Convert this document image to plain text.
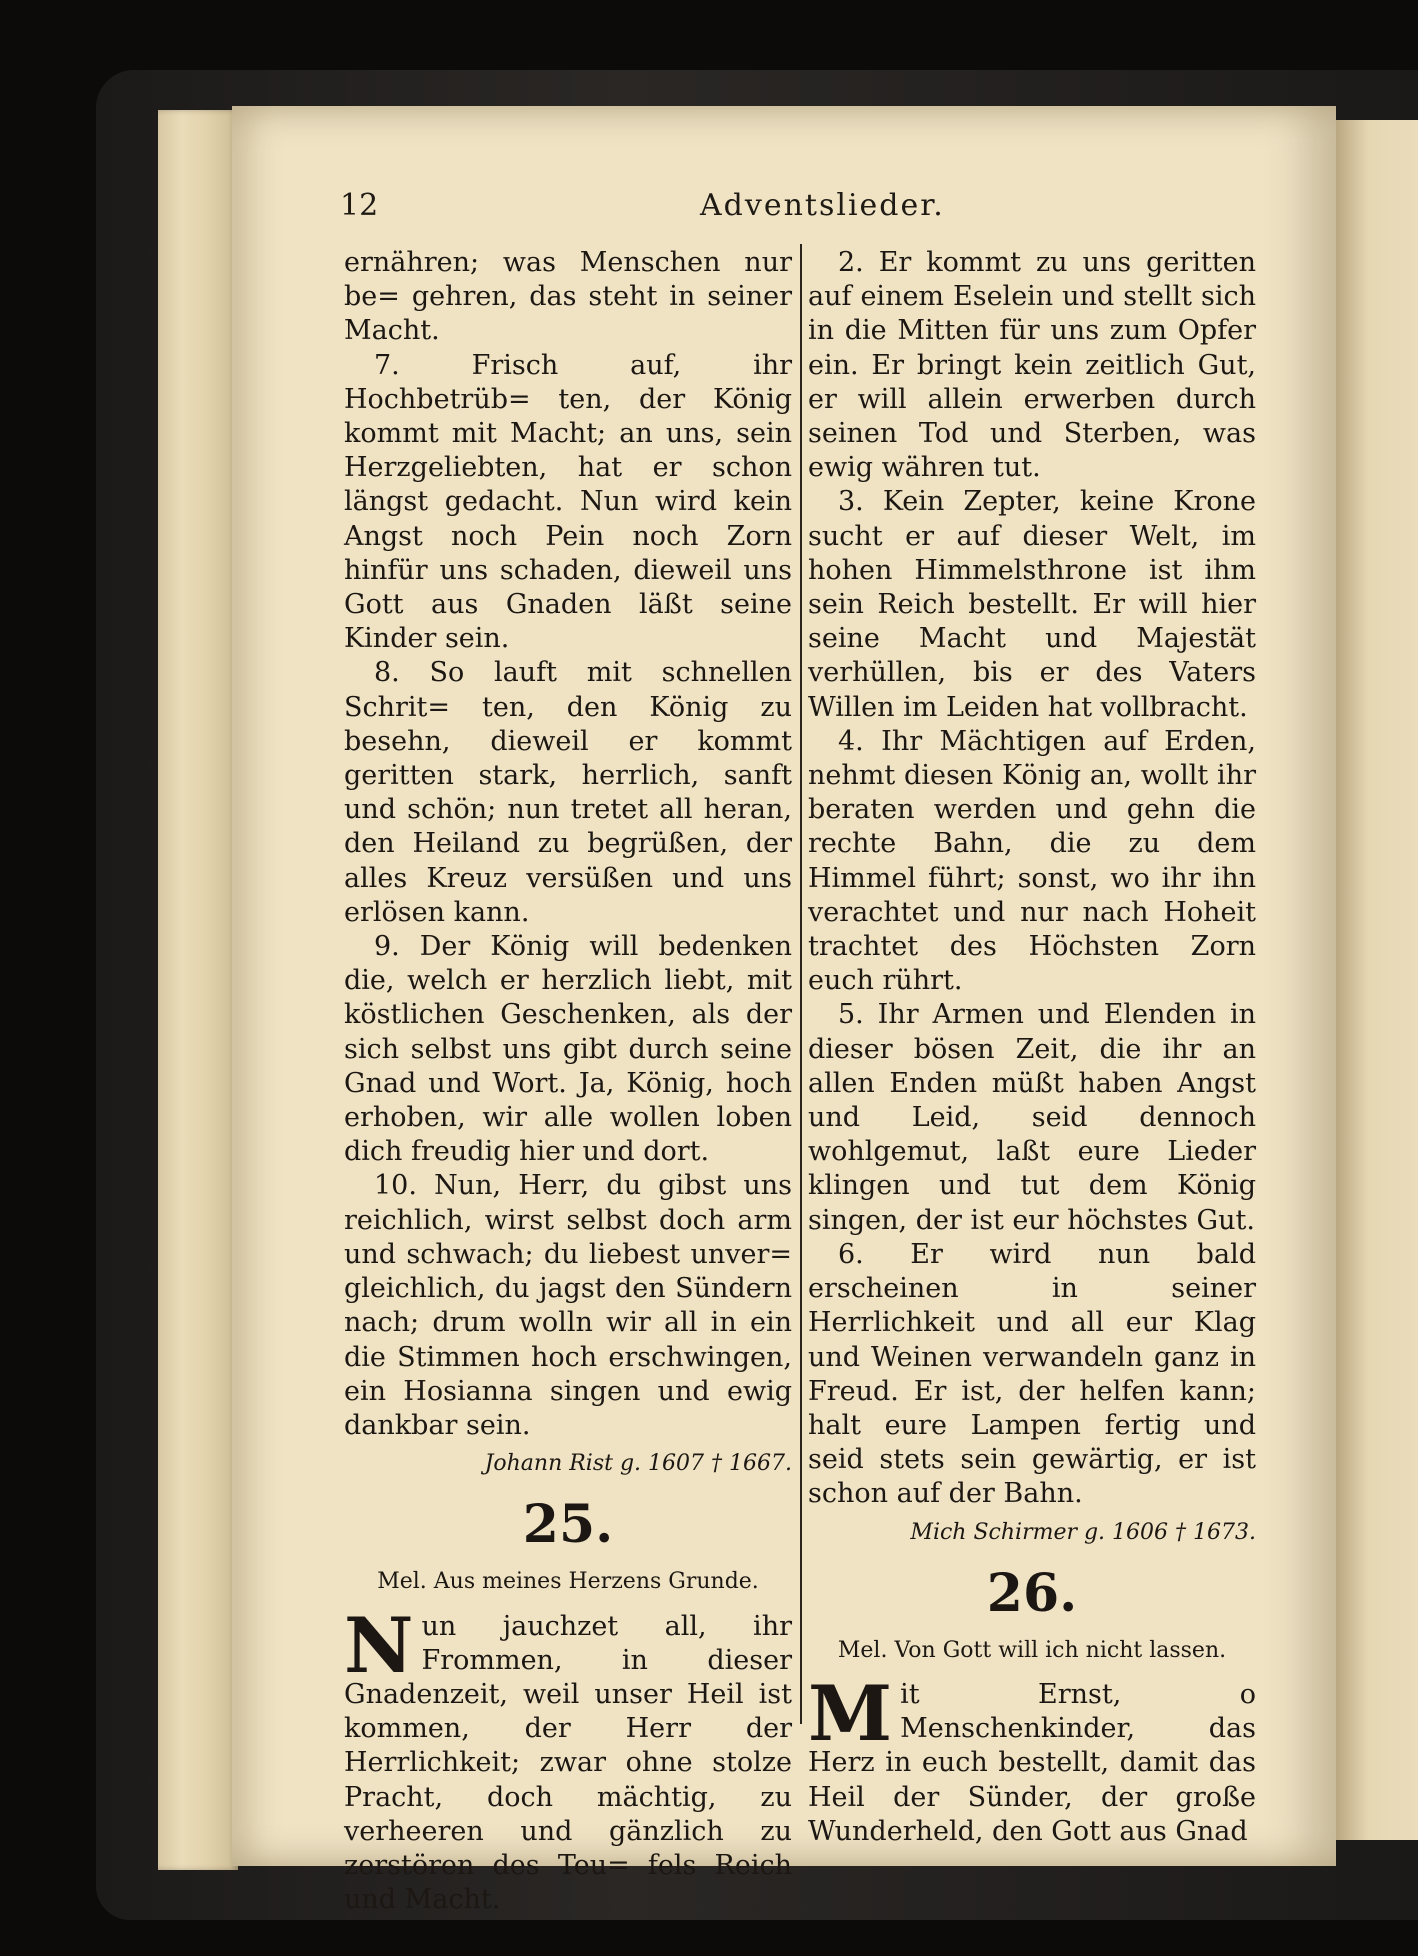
12	Adventslieder.

ernähren; was Menschen nur be= gehren, das steht in seiner Macht.

7. Frisch auf, ihr Hochbetrüb= ten, der König kommt mit Macht; an uns, sein Herzgeliebten, hat er schon längst gedacht. Nun wird kein Angst noch Pein noch Zorn hinfür uns schaden, dieweil uns Gott aus Gnaden läßt seine Kinder sein.

8. So lauft mit schnellen Schrit= ten, den König zu besehn, dieweil er kommt geritten stark, herrlich, sanft und schön; nun tretet all heran, den Heiland zu begrüßen, der alles Kreuz versüßen und uns erlösen kann.

9. Der König will bedenken die, welch er herzlich liebt, mit köstlichen Geschenken, als der sich selbst uns gibt durch seine Gnad und Wort. Ja, König, hoch erhoben, wir alle wollen loben dich freudig hier und dort.

10. Nun, Herr, du gibst uns reichlich, wirst selbst doch arm und schwach; du liebest unver= gleichlich, du jagst den Sündern nach; drum wolln wir all in ein die Stimmen hoch erschwingen, ein Hosianna singen und ewig dankbar sein.

Johann Rist g. 1607 † 1667.

25.
Mel. Aus meines Herzens Grunde.

N un jauchzet all, ihr Frommen, in dieser Gnadenzeit, weil unser Heil ist kommen, der Herr der Herrlichkeit; zwar ohne stolze Pracht, doch mächtig, zu verheeren und gänzlich zu zerstören des Teu= fels Reich und Macht.

2. Er kommt zu uns geritten auf einem Eselein und stellt sich in die Mitten für uns zum Opfer ein. Er bringt kein zeitlich Gut, er will allein erwerben durch seinen Tod und Sterben, was ewig währen tut.

3. Kein Zepter, keine Krone sucht er auf dieser Welt, im hohen Himmelsthrone ist ihm sein Reich bestellt. Er will hier seine Macht und Majestät verhüllen, bis er des Vaters Willen im Leiden hat vollbracht.

4. Ihr Mächtigen auf Erden, nehmt diesen König an, wollt ihr beraten werden und gehn die rechte Bahn, die zu dem Himmel führt; sonst, wo ihr ihn verachtet und nur nach Hoheit trachtet des Höchsten Zorn euch rührt.

5. Ihr Armen und Elenden in dieser bösen Zeit, die ihr an allen Enden müßt haben Angst und Leid, seid dennoch wohlgemut, laßt eure Lieder klingen und tut dem König singen, der ist eur höchstes Gut.

6. Er wird nun bald erscheinen in seiner Herrlichkeit und all eur Klag und Weinen verwandeln ganz in Freud. Er ist, der helfen kann; halt eure Lampen fertig und seid stets sein gewärtig, er ist schon auf der Bahn.

Mich Schirmer g. 1606 † 1673.

26.
Mel. Von Gott will ich nicht lassen.

M it Ernst, o Menschenkinder, das Herz in euch bestellt, damit das Heil der Sünder, der große Wunderheld, den Gott aus Gnad
